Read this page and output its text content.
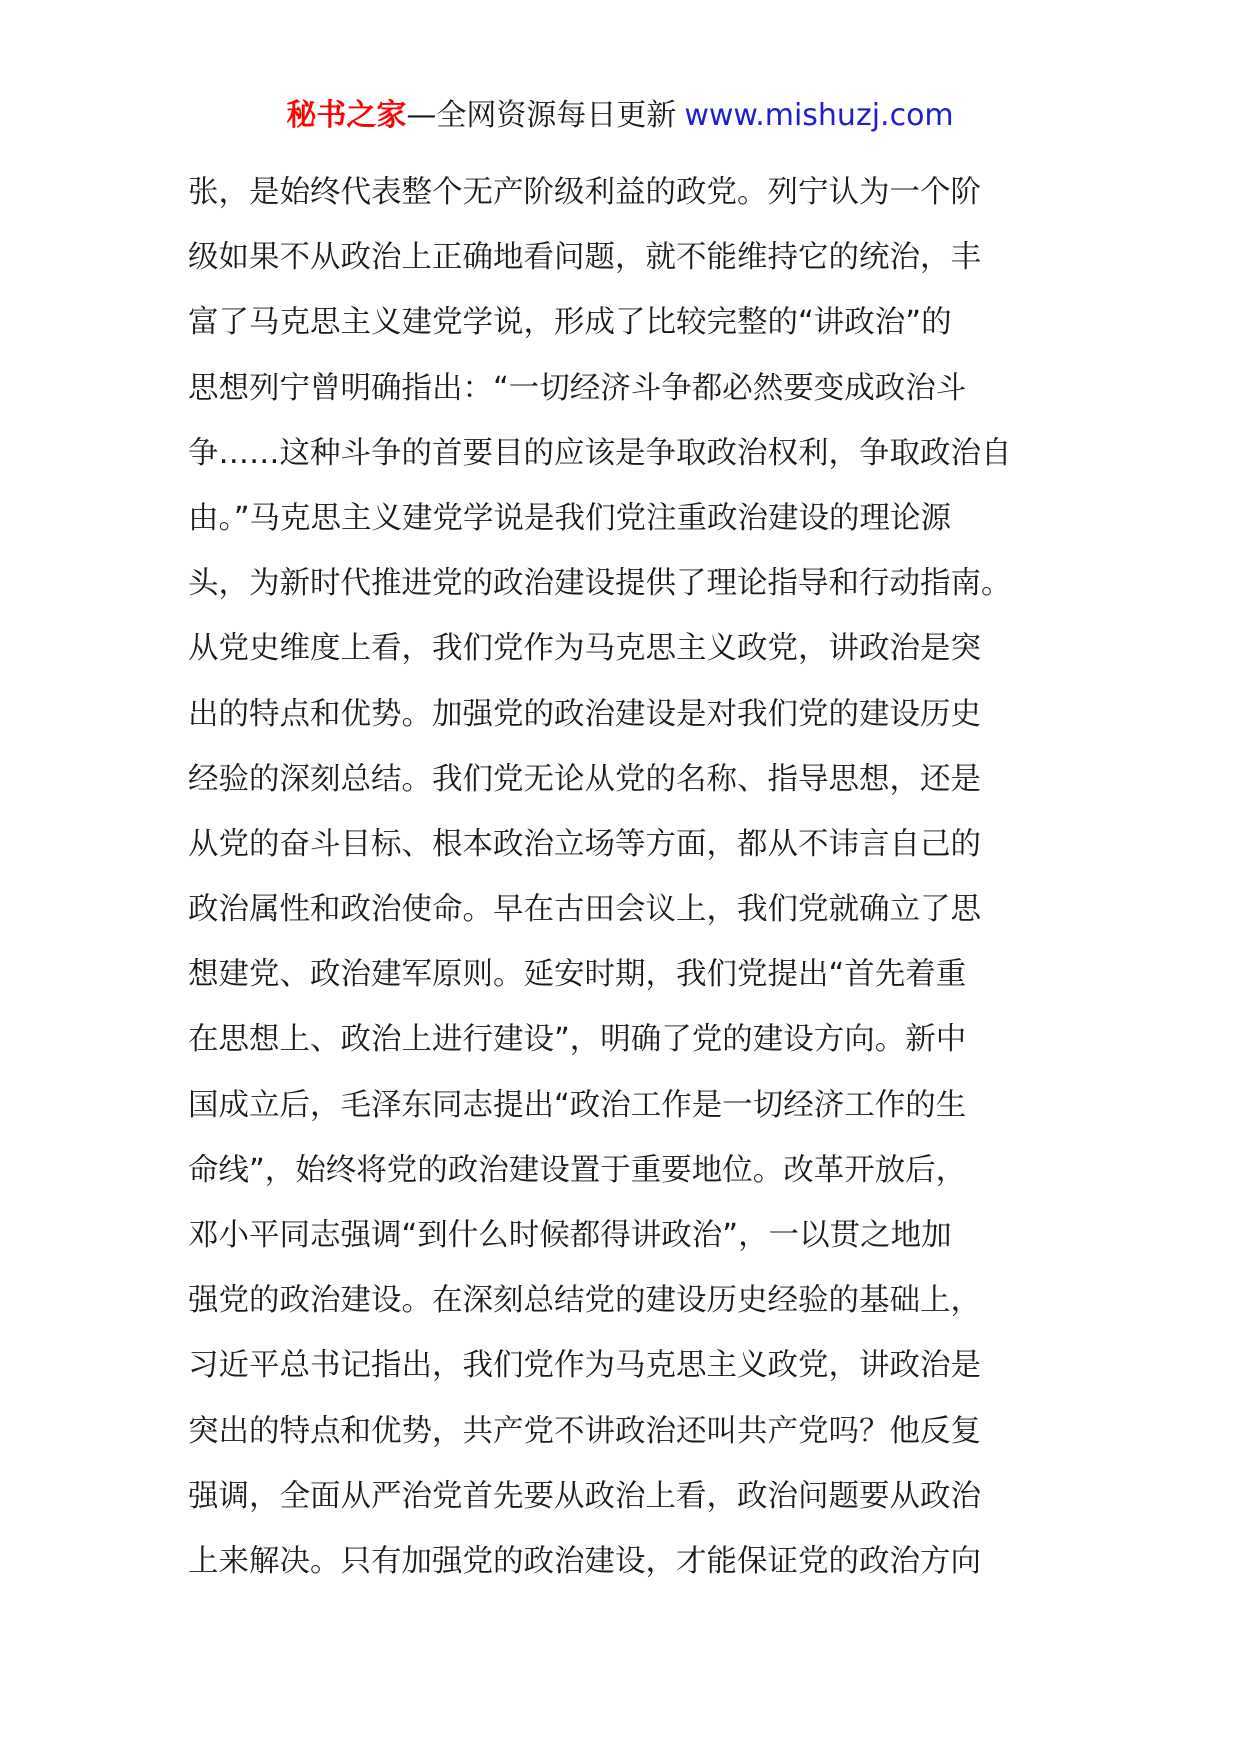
秘书之家—全网资源每日更新 www.mishuzj.com
张，是始终代表整个无产阶级利益的政党。列宁认为一个阶
级如果不从政治上正确地看问题，就不能维持它的统治，丰
富了马克思主义建党学说，形成了比较完整的“讲政治”的
思想列宁曾明确指出：“一切经济斗争都必然要变成政治斗
争……这种斗争的首要目的应该是争取政治权利，争取政治自
由。”马克思主义建党学说是我们党注重政治建设的理论源
头，为新时代推进党的政治建设提供了理论指导和行动指南。
从党史维度上看，我们党作为马克思主义政党，讲政治是突
出的特点和优势。加强党的政治建设是对我们党的建设历史
经验的深刻总结。我们党无论从党的名称、指导思想，还是
从党的奋斗目标、根本政治立场等方面，都从不讳言自己的
政治属性和政治使命。早在古田会议上，我们党就确立了思
想建党、政治建军原则。延安时期，我们党提出“首先着重
在思想上、政治上进行建设”，明确了党的建设方向。新中
国成立后，毛泽东同志提出“政治工作是一切经济工作的生
命线”，始终将党的政治建设置于重要地位。改革开放后，
邓小平同志强调“到什么时候都得讲政治”，一以贯之地加
强党的政治建设。在深刻总结党的建设历史经验的基础上，
习近平总书记指出，我们党作为马克思主义政党，讲政治是
突出的特点和优势，共产党不讲政治还叫共产党吗？他反复
强调，全面从严治党首先要从政治上看，政治问题要从政治
上来解决。只有加强党的政治建设，才能保证党的政治方向
